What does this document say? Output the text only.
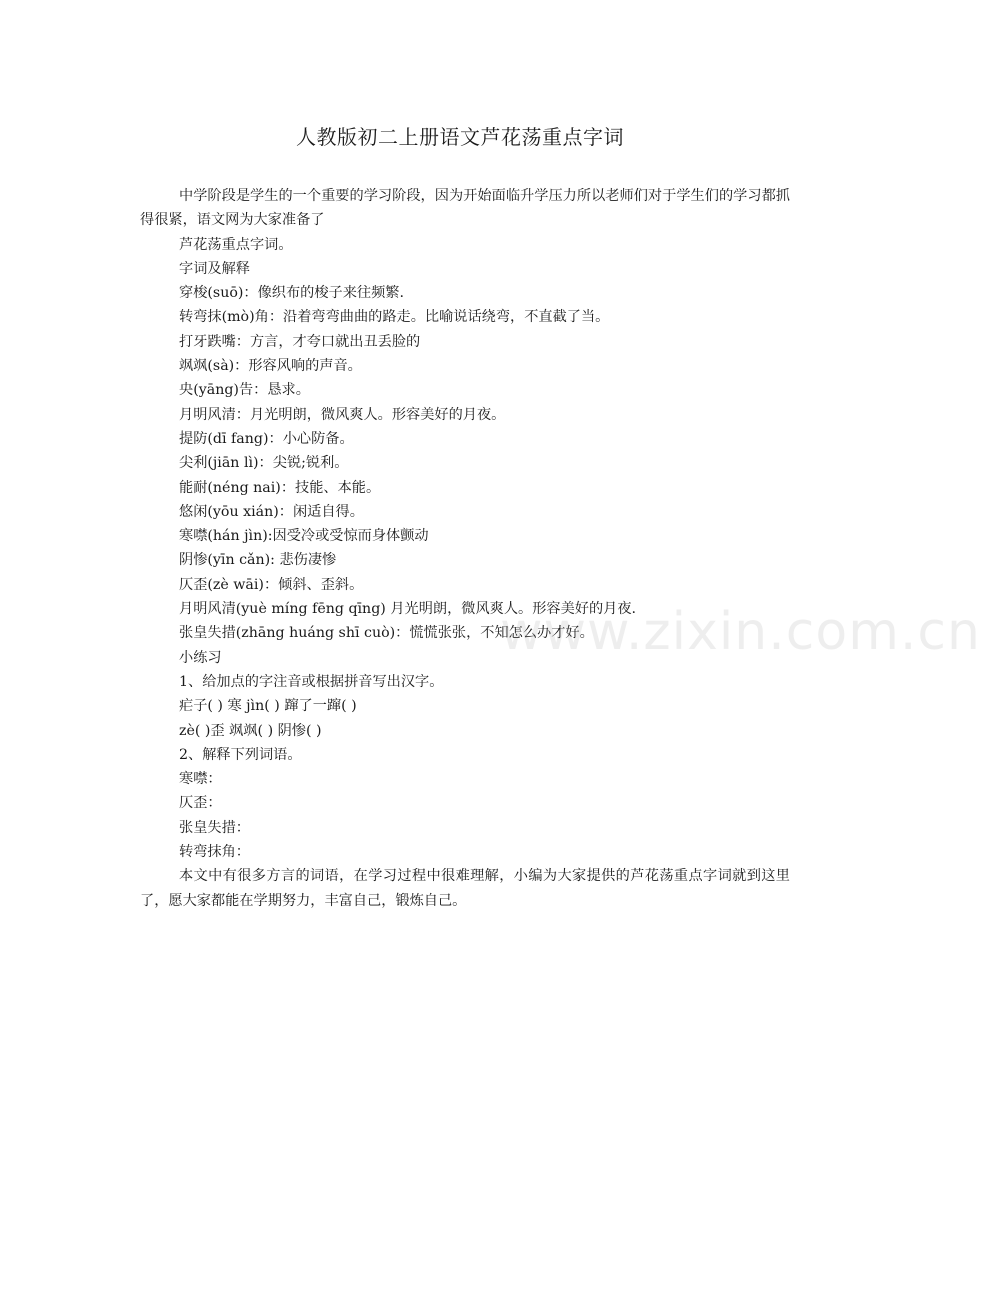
人教版初二上册语文芦花荡重点字词
中学阶段是学生的一个重要的学习阶段，因为开始面临升学压力所以老师们对于学生们的学习都抓得很紧，语文网为大家准备了
芦花荡重点字词。
字词及解释
穿梭(suō)：像织布的梭子来往频繁.
转弯抹(mò)角：沿着弯弯曲曲的路走。比喻说话绕弯，不直截了当。
打牙跌嘴：方言，才夸口就出丑丢脸的
飒飒(sà)：形容风响的声音。
央(yāng)告：恳求。
月明风清：月光明朗，微风爽人。形容美好的月夜。
提防(dī fang)：小心防备。
尖利(jiān lì)：尖锐;锐利。
能耐(néng nai)：技能、本能。
悠闲(yōu xián)：闲适自得。
寒噤(hán jìn):因受冷或受惊而身体颤动
阴惨(yīn cǎn): 悲伤凄惨
仄歪(zè wāi)：倾斜、歪斜。
月明风清(yuè míng fēng qīng) 月光明朗，微风爽人。形容美好的月夜.
张皇失措(zhāng huáng shī cuò)：慌慌张张，不知怎么办才好。
小练习
1、给加点的字注音或根据拼音写出汉字。
疟子( ) 寒 jìn( ) 蹿了一蹿( )
zè( )歪 飒飒( ) 阴惨( )
2、解释下列词语。
寒噤：
仄歪：
张皇失措：
转弯抹角：
本文中有很多方言的词语，在学习过程中很难理解，小编为大家提供的芦花荡重点字词就到这里了，愿大家都能在学期努力，丰富自己，锻炼自己。
www.zixin.com.cn
